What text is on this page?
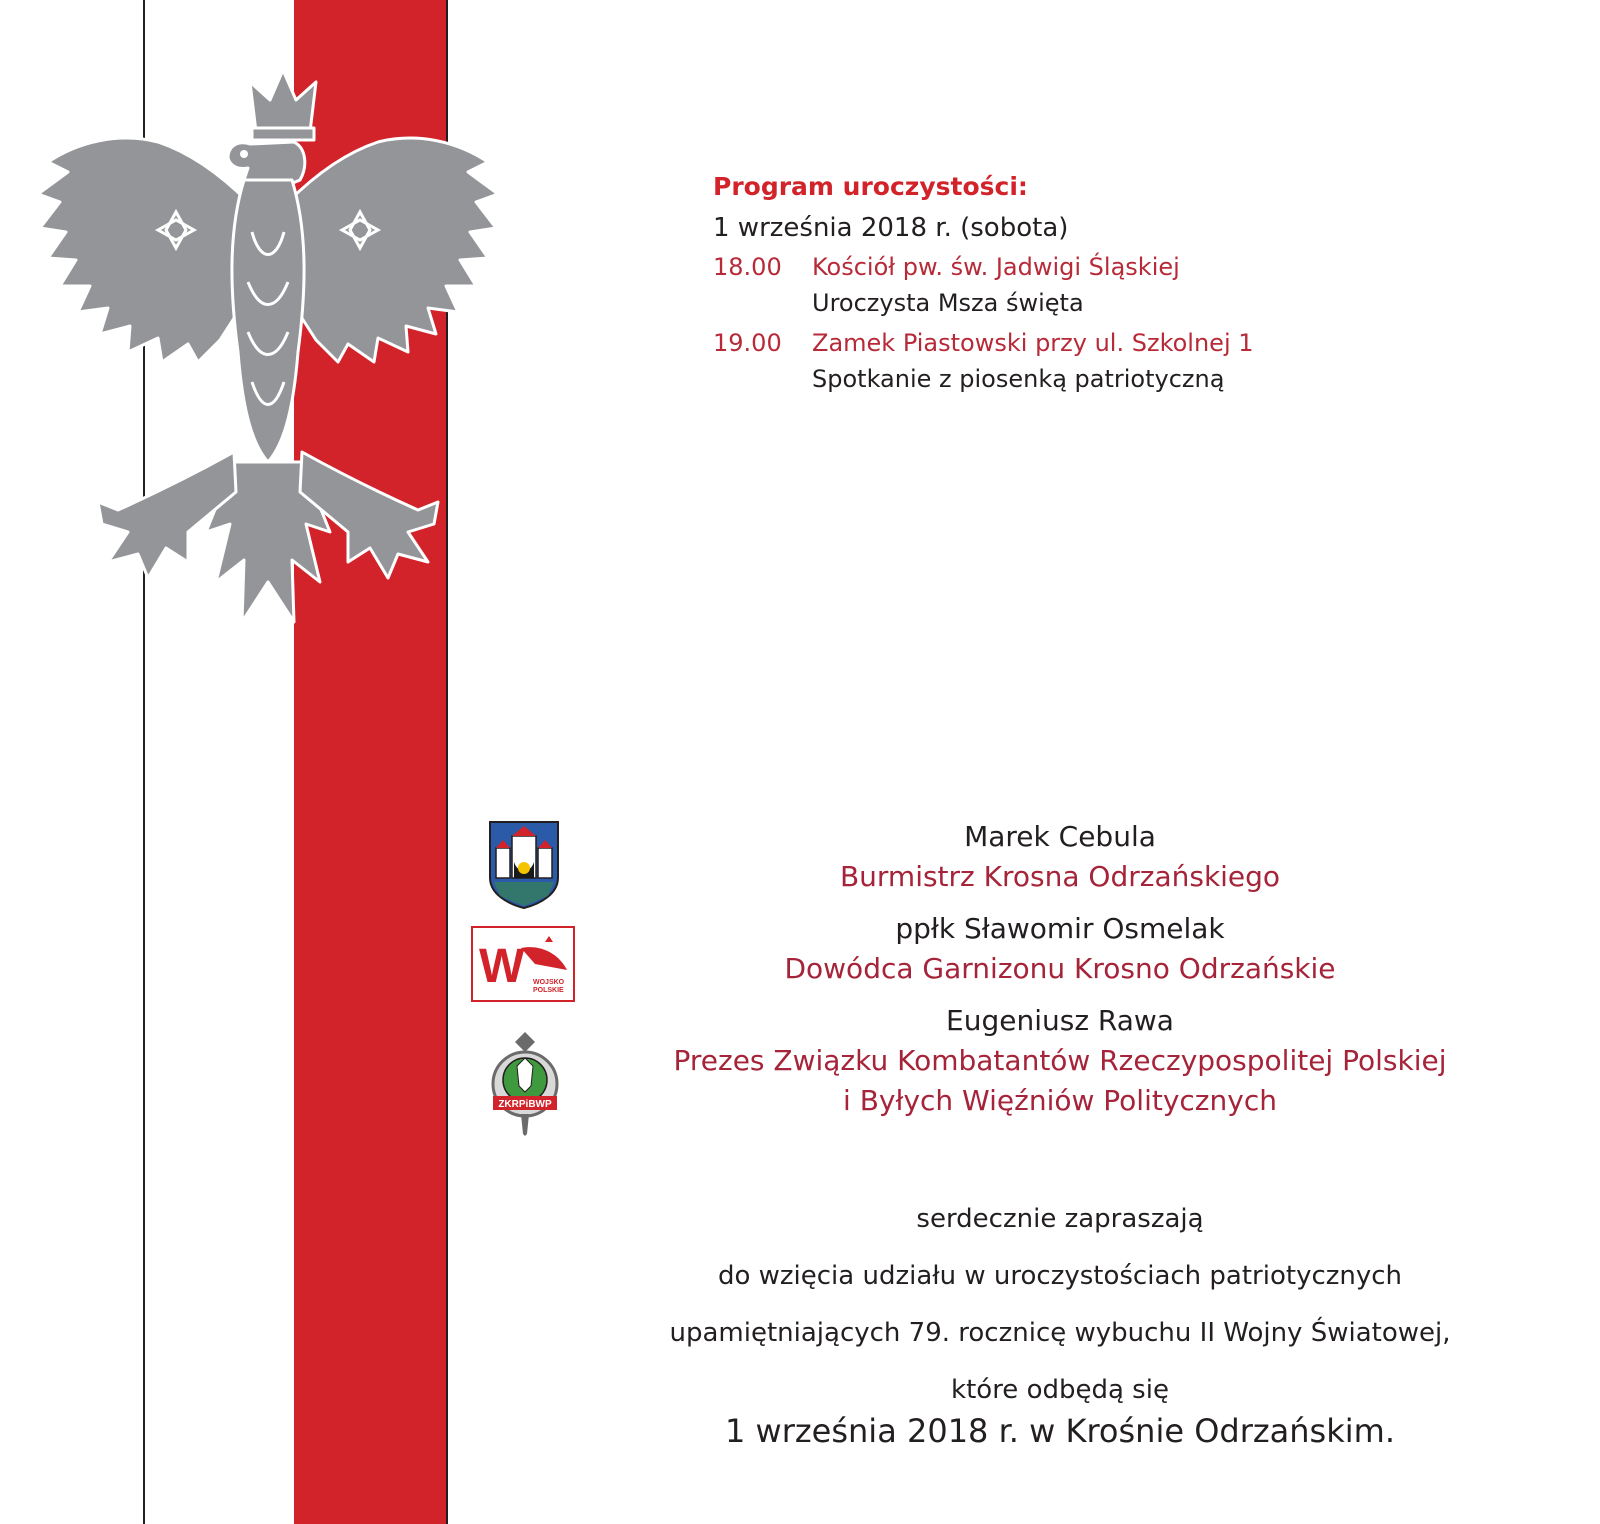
Program uroczystości:
1 września 2018 r. (sobota)
18.00	Kościół pw. św. Jadwigi Śląskiej
Uroczysta Msza święta
19.00	Zamek Piastowski przy ul. Szkolnej 1
Spotkanie z piosenką patriotyczną
W WOJSKO
POLSKIE
ZKRPiBWP
Marek Cebula
Burmistrz Krosna Odrzańskiego
ppłk Sławomir Osmelak
Dowódca Garnizonu Krosno Odrzańskie
Eugeniusz Rawa
Prezes Związku Kombatantów Rzeczypospolitej Polskiej
i Byłych Więźniów Politycznych
serdecznie zapraszają
do wzięcia udziału w uroczystościach patriotycznych
upamiętniających 79. rocznicę wybuchu II Wojny Światowej,
które odbędą się
1 września 2018 r. w Krośnie Odrzańskim.
